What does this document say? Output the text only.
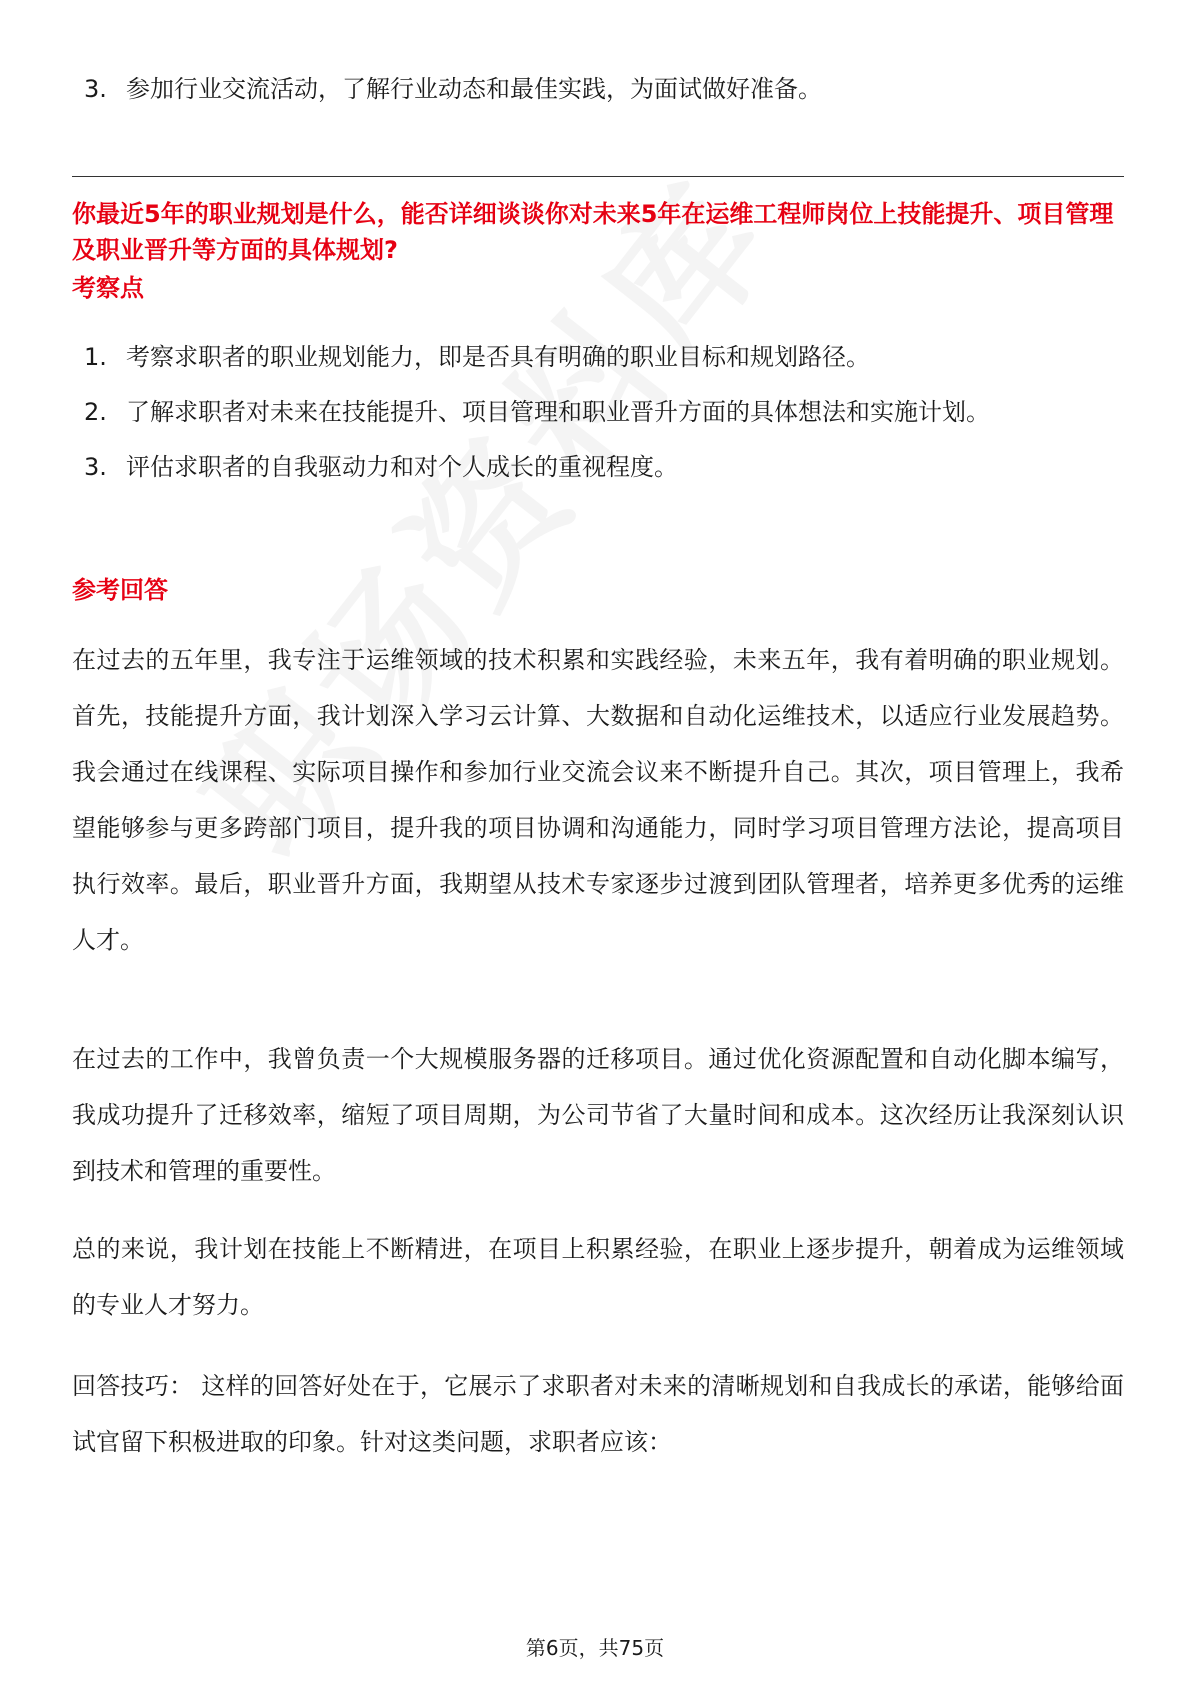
3. 参加行业交流活动，了解行业动态和最佳实践，为面试做好准备。
你最近5年的职业规划是什么，能否详细谈谈你对未来5年在运维工程师岗位上技能提升、项目管理及职业晋升等方面的具体规划?
考察点
1. 考察求职者的职业规划能力，即是否具有明确的职业目标和规划路径。
2. 了解求职者对未来在技能提升、项目管理和职业晋升方面的具体想法和实施计划。
3. 评估求职者的自我驱动力和对个人成长的重视程度。
参考回答

在过去的五年里，我专注于运维领域的技术积累和实践经验，未来五年，我有着明确的职业规划。首先，技能提升方面，我计划深入学习云计算、大数据和自动化运维技术，以适应行业发展趋势。我会通过在线课程、实际项目操作和参加行业交流会议来不断提升自己。其次，项目管理上，我希望能够参与更多跨部门项目，提升我的项目协调和沟通能力，同时学习项目管理方法论，提高项目执行效率。最后，职业晋升方面，我期望从技术专家逐步过渡到团队管理者，培养更多优秀的运维人才。

在过去的工作中，我曾负责一个大规模服务器的迁移项目。通过优化资源配置和自动化脚本编写，我成功提升了迁移效率，缩短了项目周期，为公司节省了大量时间和成本。这次经历让我深刻认识到技术和管理的重要性。

总的来说，我计划在技能上不断精进，在项目上积累经验，在职业上逐步提升，朝着成为运维领域的专业人才努力。

回答技巧： 这样的回答好处在于，它展示了求职者对未来的清晰规划和自我成长的承诺，能够给面试官留下积极进取的印象。针对这类问题，求职者应该：

第6页，共75页
